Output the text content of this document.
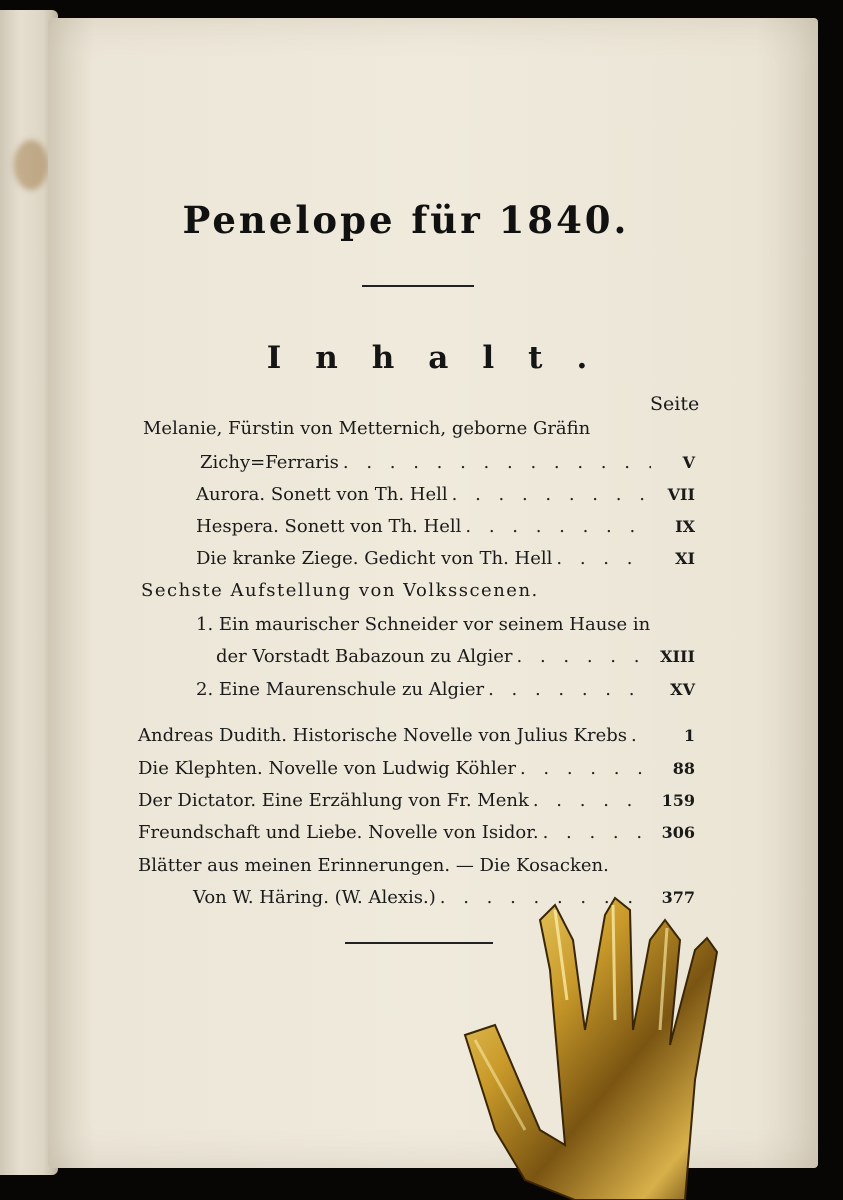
Penelope für 1840.
Inhalt.
Seite
Melanie, Fürstin von Metternich, geborne Gräfin
Zichy=Ferraris . . .	V
Aurora. Sonett von Th. Hell . . .	VII
Hespera. Sonett von Th. Hell . . .	IX
Die kranke Ziege. Gedicht von Th. Hell . . .	XI
Sechste Aufstellung von Volksscenen.
1. Ein maurischer Schneider vor seinem Hause in
der Vorstadt Babazoun zu Algier . . .	XIII
2. Eine Maurenschule zu Algier . . .	XV
Andreas Dudith. Historische Novelle von Julius Krebs . . .	1
Die Klephten. Novelle von Ludwig Köhler . . .	88
Der Dictator. Eine Erzählung von Fr. Menk . . .	159
Freundschaft und Liebe. Novelle von Isidor. . . .	306
Blätter aus meinen Erinnerungen. — Die Kosacken.
Von W. Häring. (W. Alexis.) . . .	377
